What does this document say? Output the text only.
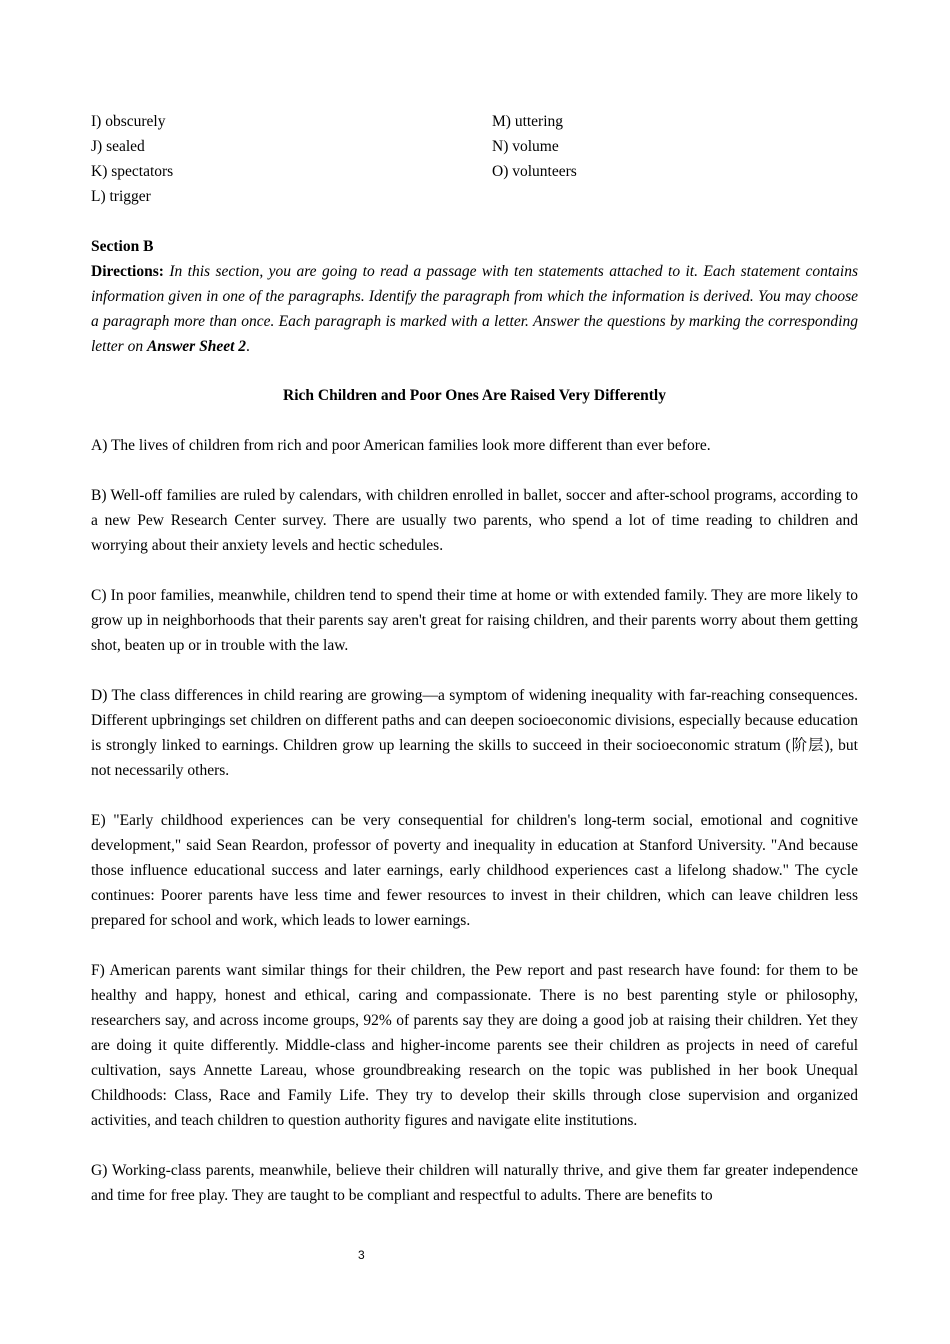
I) obscurely
J) sealed
K) spectators
L) trigger
M) uttering
N) volume
O) volunteers
Section B
Directions: In this section, you are going to read a passage with ten statements attached to it. Each statement contains information given in one of the paragraphs. Identify the paragraph from which the information is derived. You may choose a paragraph more than once. Each paragraph is marked with a letter. Answer the questions by marking the corresponding letter on Answer Sheet 2.
Rich Children and Poor Ones Are Raised Very Differently
A) The lives of children from rich and poor American families look more different than ever before.
B) Well-off families are ruled by calendars, with children enrolled in ballet, soccer and after-school programs, according to a new Pew Research Center survey. There are usually two parents, who spend a lot of time reading to children and worrying about their anxiety levels and hectic schedules.
C) In poor families, meanwhile, children tend to spend their time at home or with extended family. They are more likely to grow up in neighborhoods that their parents say aren't great for raising children, and their parents worry about them getting shot, beaten up or in trouble with the law.
D) The class differences in child rearing are growing—a symptom of widening inequality with far-reaching consequences. Different upbringings set children on different paths and can deepen socioeconomic divisions, especially because education is strongly linked to earnings. Children grow up learning the skills to succeed in their socioeconomic stratum (阶层), but not necessarily others.
E) "Early childhood experiences can be very consequential for children's long-term social, emotional and cognitive development," said Sean Reardon, professor of poverty and inequality in education at Stanford University. "And because those influence educational success and later earnings, early childhood experiences cast a lifelong shadow." The cycle continues: Poorer parents have less time and fewer resources to invest in their children, which can leave children less prepared for school and work, which leads to lower earnings.
F) American parents want similar things for their children, the Pew report and past research have found: for them to be healthy and happy, honest and ethical, caring and compassionate. There is no best parenting style or philosophy, researchers say, and across income groups, 92% of parents say they are doing a good job at raising their children. Yet they are doing it quite differently. Middle-class and higher-income parents see their children as projects in need of careful cultivation, says Annette Lareau, whose groundbreaking research on the topic was published in her book Unequal Childhoods: Class, Race and Family Life. They try to develop their skills through close supervision and organized activities, and teach children to question authority figures and navigate elite institutions.
G) Working-class parents, meanwhile, believe their children will naturally thrive, and give them far greater independence and time for free play. They are taught to be compliant and respectful to adults. There are benefits to
3
